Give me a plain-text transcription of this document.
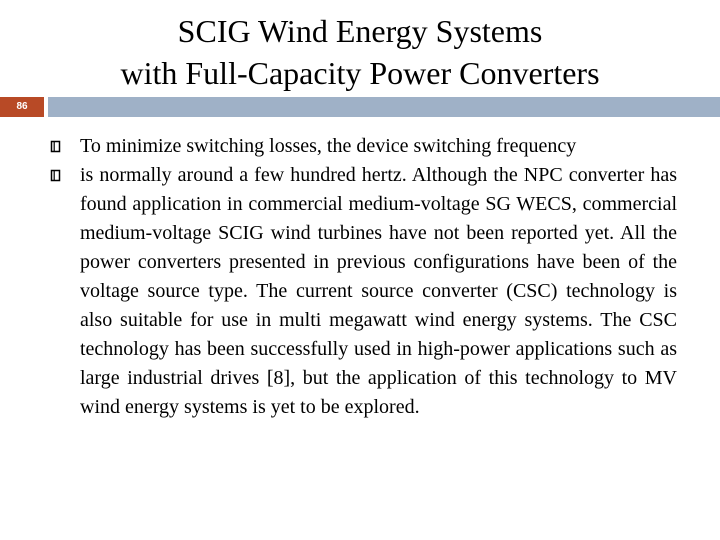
SCIG Wind Energy Systems
with Full-Capacity Power Converters
86
To minimize switching losses, the device switching frequency
is normally around a few hundred hertz. Although the NPC converter has found application in commercial medium-voltage SG WECS, commercial medium-voltage SCIG wind turbines have not been reported yet. All the power converters presented in previous configurations have been of the voltage source type. The current source converter (CSC) technology is also suitable for use in multi megawatt wind energy systems. The CSC technology has been successfully used in high-power applications such as large industrial drives [8], but the application of this technology to MV wind energy systems is yet to be explored.
